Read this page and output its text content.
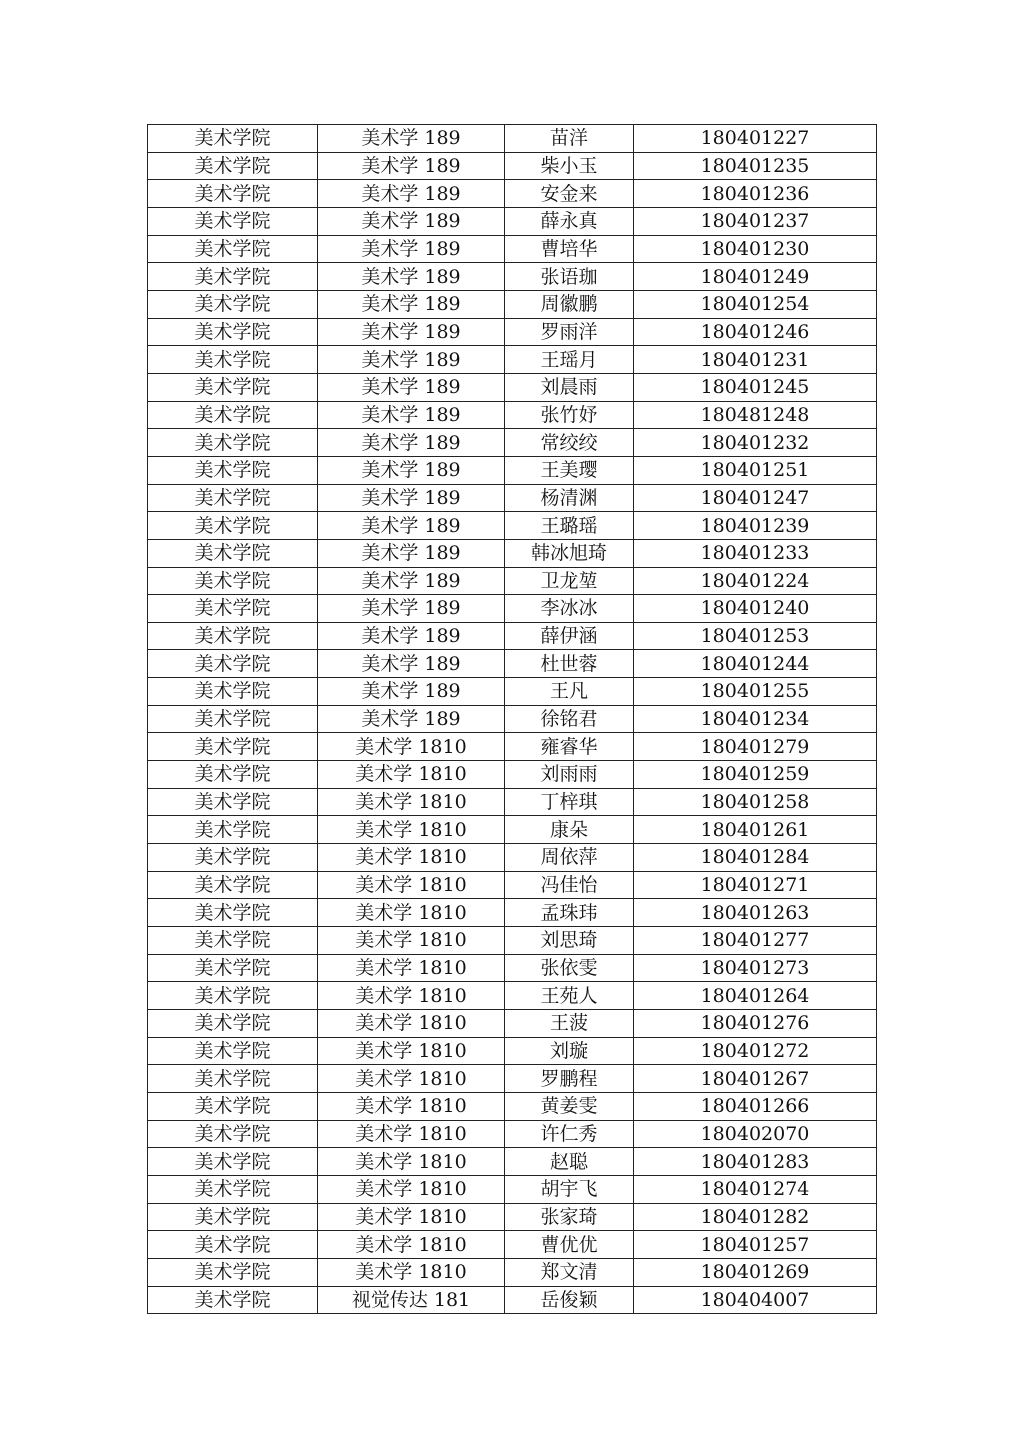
美术学院	美术学 189	苗洋	180401227
美术学院	美术学 189	柴小玉	180401235
美术学院	美术学 189	安金来	180401236
美术学院	美术学 189	薛永真	180401237
美术学院	美术学 189	曹培华	180401230
美术学院	美术学 189	张语珈	180401249
美术学院	美术学 189	周徽鹏	180401254
美术学院	美术学 189	罗雨洋	180401246
美术学院	美术学 189	王瑶月	180401231
美术学院	美术学 189	刘晨雨	180401245
美术学院	美术学 189	张竹妤	180481248
美术学院	美术学 189	常绞绞	180401232
美术学院	美术学 189	王美璎	180401251
美术学院	美术学 189	杨清渊	180401247
美术学院	美术学 189	王璐瑶	180401239
美术学院	美术学 189	韩冰旭琦	180401233
美术学院	美术学 189	卫龙堃	180401224
美术学院	美术学 189	李冰冰	180401240
美术学院	美术学 189	薛伊涵	180401253
美术学院	美术学 189	杜世蓉	180401244
美术学院	美术学 189	王凡	180401255
美术学院	美术学 189	徐铭君	180401234
美术学院	美术学 1810	雍睿华	180401279
美术学院	美术学 1810	刘雨雨	180401259
美术学院	美术学 1810	丁梓琪	180401258
美术学院	美术学 1810	康朵	180401261
美术学院	美术学 1810	周依萍	180401284
美术学院	美术学 1810	冯佳怡	180401271
美术学院	美术学 1810	孟珠玮	180401263
美术学院	美术学 1810	刘思琦	180401277
美术学院	美术学 1810	张依雯	180401273
美术学院	美术学 1810	王苑人	180401264
美术学院	美术学 1810	王菠	180401276
美术学院	美术学 1810	刘璇	180401272
美术学院	美术学 1810	罗鹏程	180401267
美术学院	美术学 1810	黄姜雯	180401266
美术学院	美术学 1810	许仁秀	180402070
美术学院	美术学 1810	赵聪	180401283
美术学院	美术学 1810	胡宇飞	180401274
美术学院	美术学 1810	张家琦	180401282
美术学院	美术学 1810	曹优优	180401257
美术学院	美术学 1810	郑文清	180401269
美术学院	视觉传达 181	岳俊颖	180404007
